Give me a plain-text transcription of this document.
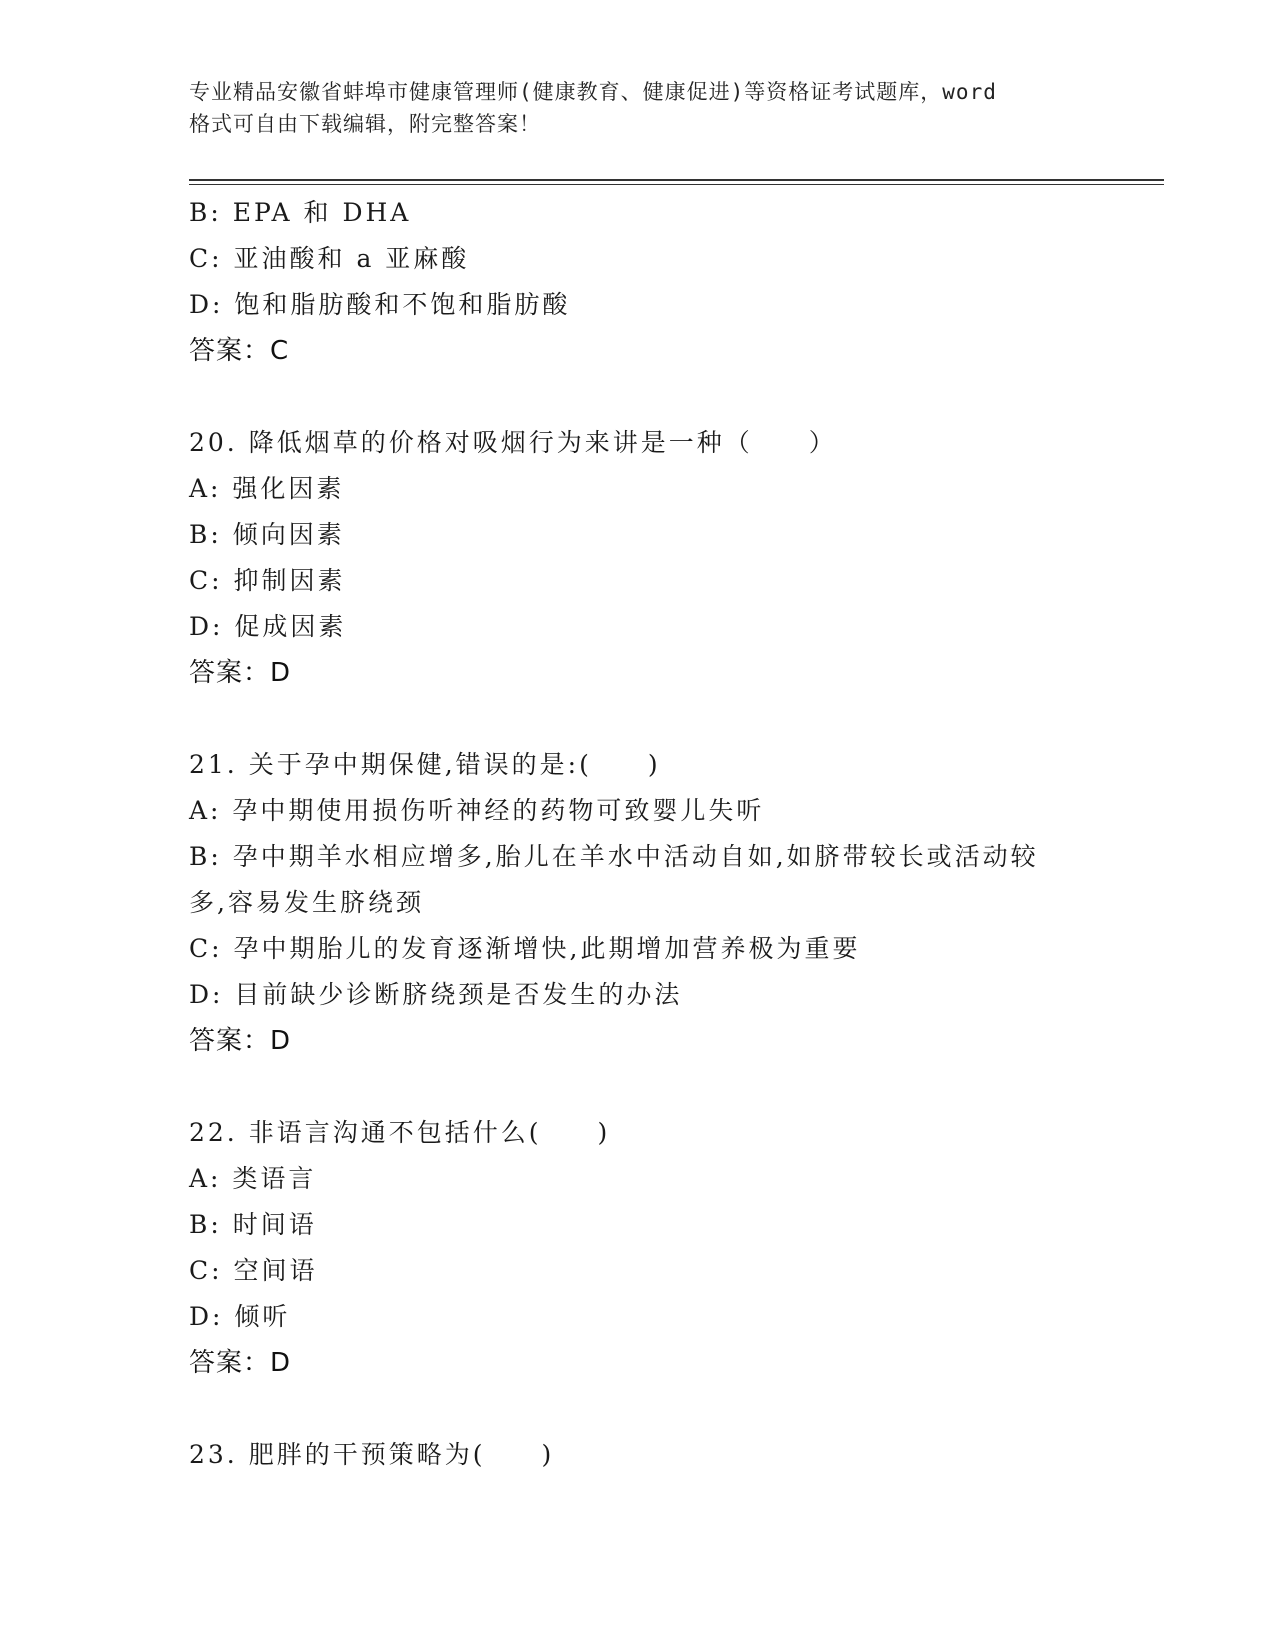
专业精品安徽省蚌埠市健康管理师(健康教育、健康促进)等资格证考试题库，word
格式可自由下载编辑，附完整答案！
B: EPA 和 DHA
C: 亚油酸和 a 亚麻酸
D: 饱和脂肪酸和不饱和脂肪酸
答案：C
20. 降低烟草的价格对吸烟行为来讲是一种（　　）
A: 强化因素
B: 倾向因素
C: 抑制因素
D: 促成因素
答案：D
21. 关于孕中期保健,错误的是:(　　)
A: 孕中期使用损伤听神经的药物可致婴儿失听
B: 孕中期羊水相应增多,胎儿在羊水中活动自如,如脐带较长或活动较
多,容易发生脐绕颈
C: 孕中期胎儿的发育逐渐增快,此期增加营养极为重要
D: 目前缺少诊断脐绕颈是否发生的办法
答案：D
22. 非语言沟通不包括什么(　　)
A: 类语言
B: 时间语
C: 空间语
D: 倾听
答案：D
23. 肥胖的干预策略为(　　)
